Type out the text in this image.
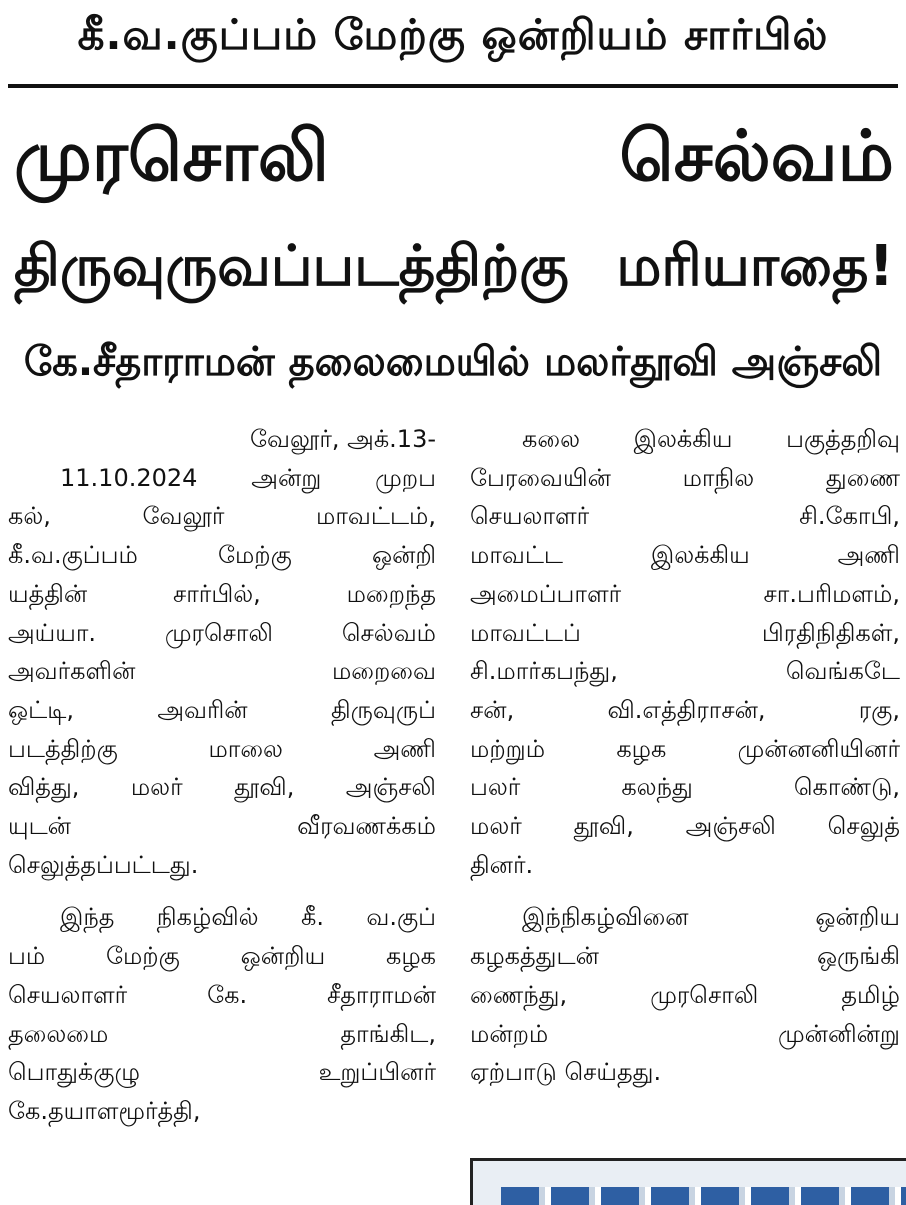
கீ.வ.குப்பம் மேற்கு ஒன்றியம் சார்பில்
முரசொலி	செல்வம்
திருவுருவப்படத்திற்கு மரியாதை!
கே.சீதாராமன் தலைமையில் மலர்தூவி அஞ்சலி
வேலூர், அக்.13-
11.10.2024 அன்று முறப
கல், வேலூர் மாவட்டம்,
கீ.வ.குப்பம் மேற்கு ஒன்றி
யத்தின் சார்பில், மறைந்த
அய்யா. முரசொலி செல்வம்
அவர்களின் மறைவை
ஒட்டி, அவரின் திருவுருப்
படத்திற்கு மாலை அணி
வித்து, மலர் தூவி, அஞ்சலி
யுடன் வீரவணக்கம்
செலுத்தப்பட்டது.
இந்த நிகழ்வில் கீ. வ.குப்
பம் மேற்கு ஒன்றிய கழக
செயலாளர் கே. சீதாராமன்
தலைமை தாங்கிட,
பொதுக்குழு உறுப்பினர்
கே.தயாளமூர்த்தி,
கலை இலக்கிய பகுத்தறிவு
பேரவையின் மாநில துணை
செயலாளர் சி.கோபி,
மாவட்ட இலக்கிய அணி
அமைப்பாளர் சா.பரிமளம்,
மாவட்டப் பிரதிநிதிகள்,
சி.மார்கபந்து, வெங்கடே
சன், வி.எத்திராசன், ரகு,
மற்றும் கழக முன்னனியினர்
பலர் கலந்து கொண்டு,
மலர் தூவி, அஞ்சலி செலுத்
தினர்.
இந்நிகழ்வினை ஒன்றிய
கழகத்துடன் ஒருங்கி
ணைந்து, முரசொலி தமிழ்
மன்றம் முன்னின்று
ஏற்பாடு செய்தது.
